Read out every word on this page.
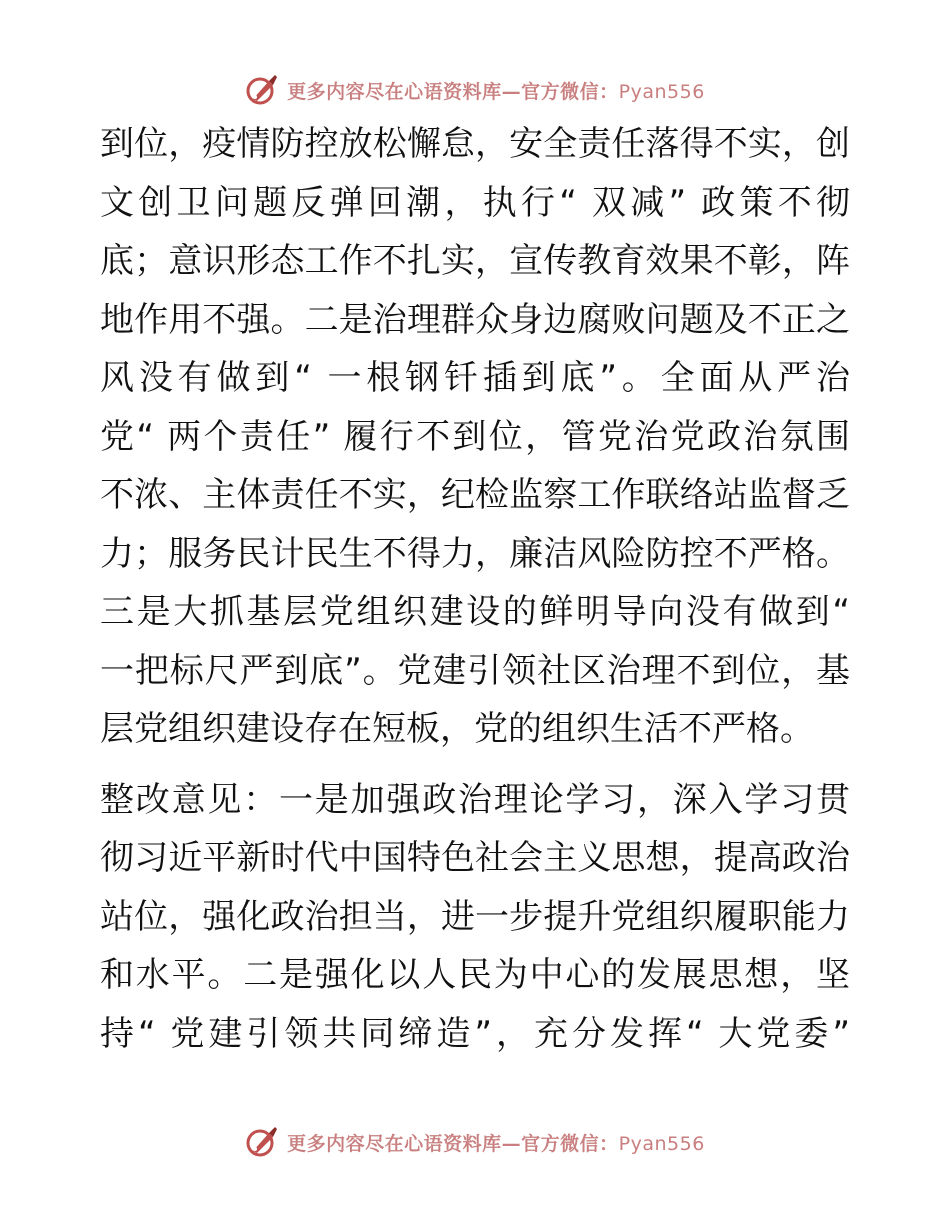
更多内容尽在心语资料库—官方微信：Pyan556
到位，疫情防控放松懈怠，安全责任落得不实，创
文创卫问题反弹回潮，执行“ 双减” 政策不彻
底；意识形态工作不扎实，宣传教育效果不彰，阵
地作用不强。二是治理群众身边腐败问题及不正之
风没有做到“ 一根钢钎插到底”。全面从严治
党“ 两个责任” 履行不到位，管党治党政治氛围
不浓、主体责任不实，纪检监察工作联络站监督乏
力；服务民计民生不得力，廉洁风险防控不严格。
三是大抓基层党组织建设的鲜明导向没有做到“
一把标尺严到底”。党建引领社区治理不到位，基
层党组织建设存在短板，党的组织生活不严格。
整改意见：一是加强政治理论学习，深入学习贯
彻习近平新时代中国特色社会主义思想，提高政治
站位，强化政治担当，进一步提升党组织履职能力
和水平。二是强化以人民为中心的发展思想，坚
持“ 党建引领共同缔造”，充分发挥“ 大党委”
更多内容尽在心语资料库—官方微信：Pyan556
